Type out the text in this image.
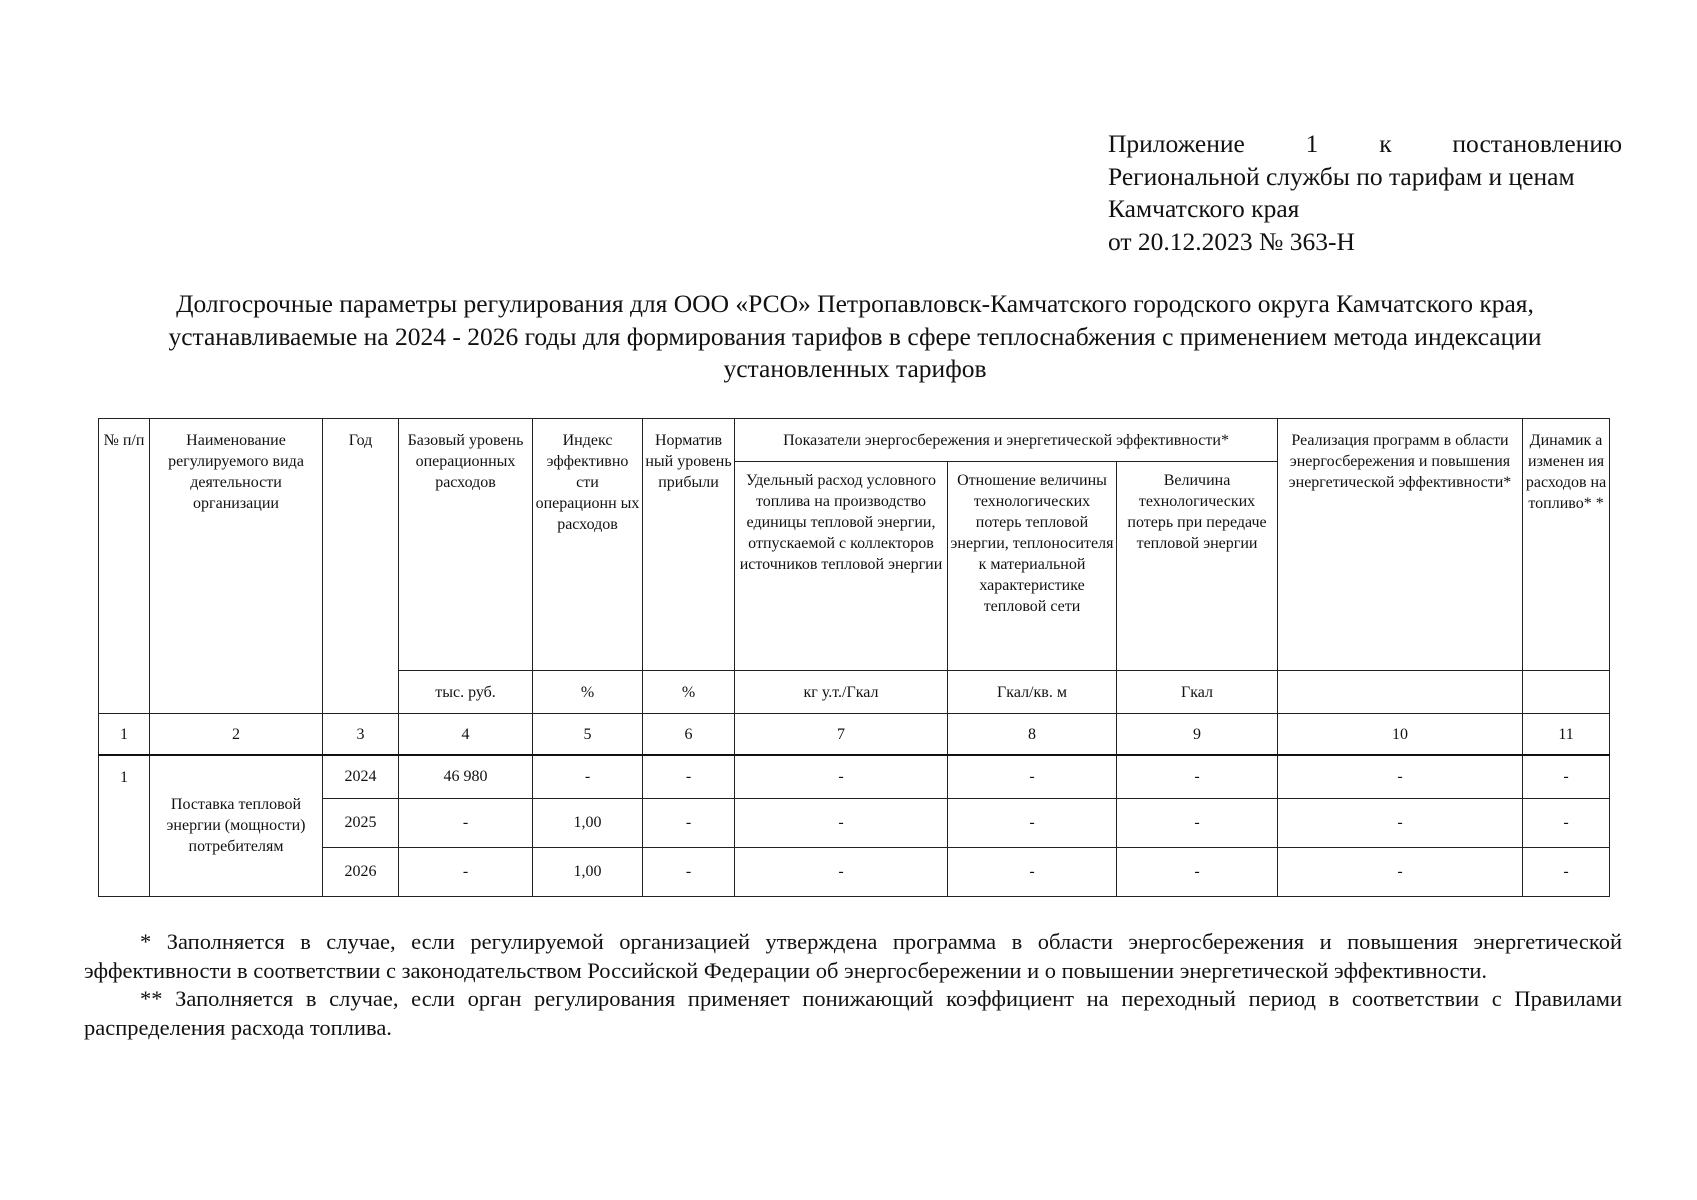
Приложение 1 к постановлению
Региональной службы по тарифам и ценам
Камчатского края
от 20.12.2023 № 363-Н
Долгосрочные параметры регулирования для ООО «РСО» Петропавловск-Камчатского городского округа Камчатского края,
устанавливаемые на 2024 - 2026 годы для формирования тарифов в сфере теплоснабжения с применением метода индексации
установленных тарифов
№ п/п	Наименование регулируемого вида деятельности организации	Год	Базовый уровень операционных расходов	Индекс эффективно сти операционн ых расходов	Норматив ный уровень прибыли	Показатели энергосбережения и энергетической эффективности*			Реализация программ в области энергосбережения и повышения энергетической эффективности*	Динамик а изменен ия расходов на топливо* *
						Удельный расход условного топлива на производство единицы тепловой энергии, отпускаемой с коллекторов источников тепловой энергии	Отношение величины технологических потерь тепловой энергии, теплоносителя к материальной характеристике тепловой сети	Величина технологических потерь при передаче тепловой энергии		
			тыс. руб.	%	%	кг у.т./Гкал	Гкал/кв. м	Гкал		
1	2	3	4	5	6	7	8	9	10	11
1	Поставка тепловой энергии (мощности) потребителям	2024	46 980	-	-	-	-	-	-	-
		2025	-	1,00	-	-	-	-	-	-
		2026	-	1,00	-	-	-	-	-	-

* Заполняется в случае, если регулируемой организацией утверждена программа в области энергосбережения и повышения энергетической эффективности в соответствии с законодательством Российской Федерации об энергосбережении и о повышении энергетической эффективности.

** Заполняется в случае, если орган регулирования применяет понижающий коэффициент на переходный период в соответствии с Правилами распределения расхода топлива.
